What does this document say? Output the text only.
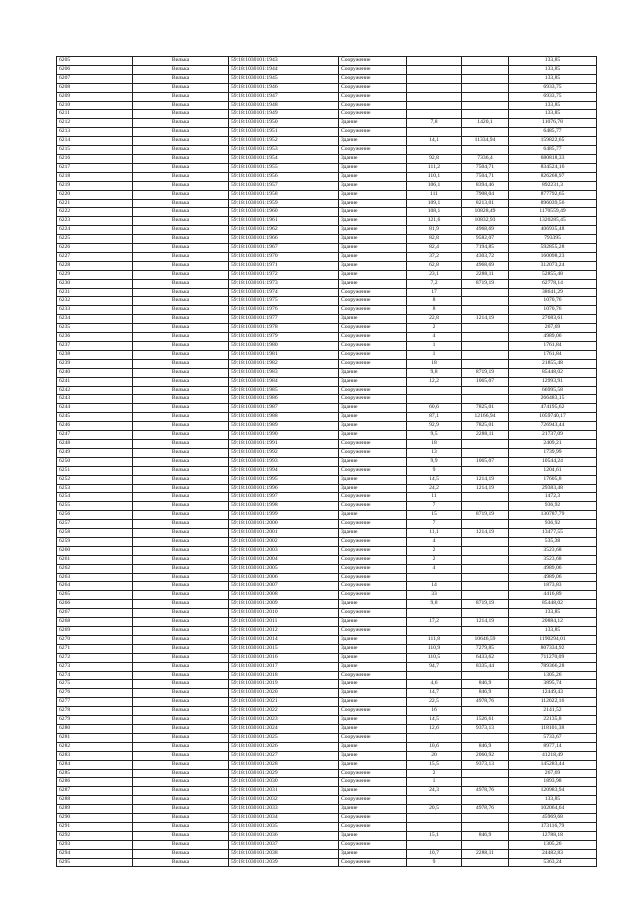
6205	Вилька	59:18:1030101:1943	Сооружение			133,85
6206	Вилька	59:18:1030101:1944	Сооружение			133,85
6207	Вилька	59:18:1030101:1945	Сооружение			133,85
6208	Вилька	59:18:1030101:1946	Сооружение			6933,75
6209	Вилька	59:18:1030101:1947	Сооружение			6933,75
6210	Вилька	59:18:1030101:1948	Сооружение			133,85
6211	Вилька	59:18:1030101:1949	Сооружение			133,85
6212	Вилька	59:18:1030101:1950	Здание	7,8	1420,1	11076,78
6213	Вилька	59:18:1030101:1951	Сооружение			6485,77
6214	Вилька	59:18:1030101:1952	Здание	14,1	11334,94	159822,65
6215	Вилька	59:18:1030101:1953	Сооружение			6485,77
6216	Вилька	59:18:1030101:1954	Здание	92,8	7336,4	680818,33
6217	Вилька	59:18:1030101:1955	Здание	111,2	7504,71	834524,16
6218	Вилька	59:18:1030101:1956	Здание	110,1	7504,71	826268,97
6219	Вилька	59:18:1030101:1957	Здание	106,1	8394,46	892231,3
6220	Вилька	59:18:1030101:1958	Здание	111	7908,04	877792,65
6221	Вилька	59:18:1030101:1959	Здание	109,1	8213,01	896039,56
6222	Вилька	59:18:1030101:1960	Здание	108,1	10828,49	1170559,49
6223	Вилька	59:18:1030101:1961	Здание	121,6	10832,93	1320285,45
6224	Вилька	59:18:1030101:1962	Здание	81,9	4968,69	406935,48
6225	Вилька	59:18:1030101:1966	Здание	82,8	9582,07	793395
6226	Вилька	59:18:1030101:1967	Здание	82,4	7194,85	592855,28
6227	Вилька	59:18:1030101:1970	Здание	37,2	4303,72	160098,23
6228	Вилька	59:18:1030101:1971	Здание	62,8	4968,69	312073,24
6229	Вилька	59:18:1030101:1972	Здание	23,1	2288,11	52855,48
6230	Вилька	59:18:1030101:1973	Здание	7,2	8719,19	62778,14
6231	Вилька	59:18:1030101:1974	Сооружение	17		38641,29
6232	Вилька	59:18:1030101:1975	Сооружение	8		1070,76
6233	Вилька	59:18:1030101:1976	Сооружение	8		1070,76
6234	Вилька	59:18:1030101:1977	Здание	22,8	1214,19	27683,61
6235	Вилька	59:18:1030101:1978	Сооружение	2		267,69
6236	Вилька	59:18:1030101:1979	Сооружение	4		4989,06
6237	Вилька	59:18:1030101:1980	Сооружение	1		1761,84
6238	Вилька	59:18:1030101:1981	Сооружение	1		1761,84
6239	Вилька	59:18:1030101:1982	Сооружение	18		21855,48
6240	Вилька	59:18:1030101:1983	Здание	9,8	8719,19	85448,02
6241	Вилька	59:18:1030101:1984	Здание	12,2	1065,07	12993,91
6242	Вилька	59:18:1030101:1985	Сооружение			66995,58
6243	Вилька	59:18:1030101:1986	Сооружение			266483,15
6244	Вилька	59:18:1030101:1987	Здание	60,6	7825,01	474195,62
6245	Вилька	59:18:1030101:1988	Здание	87,1	12166,94	1059740,17
6246	Вилька	59:18:1030101:1989	Здание	92,9	7825,01	726943,44
6247	Вилька	59:18:1030101:1990	Здание	9,5	2288,11	21737,09
6248	Вилька	59:18:1030101:1991	Сооружение	18		2409,21
6249	Вилька	59:18:1030101:1992	Сооружение	13		1739,99
6250	Вилька	59:18:1030101:1993	Здание	9,9	1065,07	10544,24
6251	Вилька	59:18:1030101:1994	Сооружение	9		1204,61
6252	Вилька	59:18:1030101:1995	Здание	14,5	1214,19	17605,8
6253	Вилька	59:18:1030101:1996	Здание	24,2	1214,19	29383,48
6254	Вилька	59:18:1030101:1997	Сооружение	11		1472,3
6255	Вилька	59:18:1030101:1998	Сооружение	7		936,92
6256	Вилька	59:18:1030101:1999	Здание	15	8719,19	130787,79
6257	Вилька	59:18:1030101:2000	Сооружение	7		936,92
6258	Вилька	59:18:1030101:2001	Здание	11,1	1214,19	13477,55
6259	Вилька	59:18:1030101:2002	Сооружение	4		535,38
6260	Вилька	59:18:1030101:2003	Сооружение	2		3523,68
6261	Вилька	59:18:1030101:2004	Сооружение	2		3523,68
6262	Вилька	59:18:1030101:2005	Сооружение	4		4989,06
6263	Вилька	59:18:1030101:2006	Сооружение			4989,06
6264	Вилька	59:18:1030101:2007	Сооружение	14		1873,83
6265	Вилька	59:18:1030101:2008	Сооружение	33		4416,89
6266	Вилька	59:18:1030101:2009	Здание	9,8	8719,19	85448,02
6267	Вилька	59:18:1030101:2010	Сооружение			133,85
6268	Вилька	59:18:1030101:2011	Здание	17,2	1214,19	20884,12
6269	Вилька	59:18:1030101:2012	Сооружение			133,85
6270	Вилька	59:18:1030101:2014	Здание	111,8	10646,59	1190294,01
6271	Вилька	59:18:1030101:2015	Здание	110,9	7279,85	807334,92
6272	Вилька	59:18:1030101:2016	Здание	110,5	6433,62	711270,09
6273	Вилька	59:18:1030101:2017	Здание	94,7	8335,44	789366,28
6274	Вилька	59:18:1030101:2018	Сооружение			1305,26
6275	Вилька	59:18:1030101:2019	Здание	4,6	846,9	3895,74
6276	Вилька	59:18:1030101:2020	Здание	14,7	846,9	12449,43
6277	Вилька	59:18:1030101:2021	Здание	22,5	4978,76	112022,16
6278	Вилька	59:18:1030101:2022	Сооружение	16		2141,52
6279	Вилька	59:18:1030101:2023	Здание	14,5	1526,61	22135,8
6280	Вилька	59:18:1030101:2024	Здание	12,6	9373,13	118101,38
6281	Вилька	59:18:1030101:2025	Сооружение			5733,67
6282	Вилька	59:18:1030101:2026	Здание	10,6	846,9	8977,14
6283	Вилька	59:18:1030101:2027	Здание	20	2060,92	41218,49
6284	Вилька	59:18:1030101:2028	Здание	15,5	9373,13	145283,44
6285	Вилька	59:18:1030101:2029	Сооружение	2		267,69
6286	Вилька	59:18:1030101:2030	Сооружение	1		1893,98
6287	Вилька	59:18:1030101:2031	Здание	24,3	4978,76	120983,94
6288	Вилька	59:18:1030101:2032	Сооружение			133,85
6289	Вилька	59:18:1030101:2033	Здание	20,5	4978,76	102064,64
6290	Вилька	59:18:1030101:2034	Сооружение			45969,68
6291	Вилька	59:18:1030101:2035	Сооружение			173116,79
6292	Вилька	59:18:1030101:2036	Здание	15,1	846,9	12788,18
6293	Вилька	59:18:1030101:2037	Сооружение			1305,26
6294	Вилька	59:18:1030101:2038	Здание	10,7	2288,11	24482,83
6295	Вилька	59:18:1030101:2039	Сооружение	9		5363,24
